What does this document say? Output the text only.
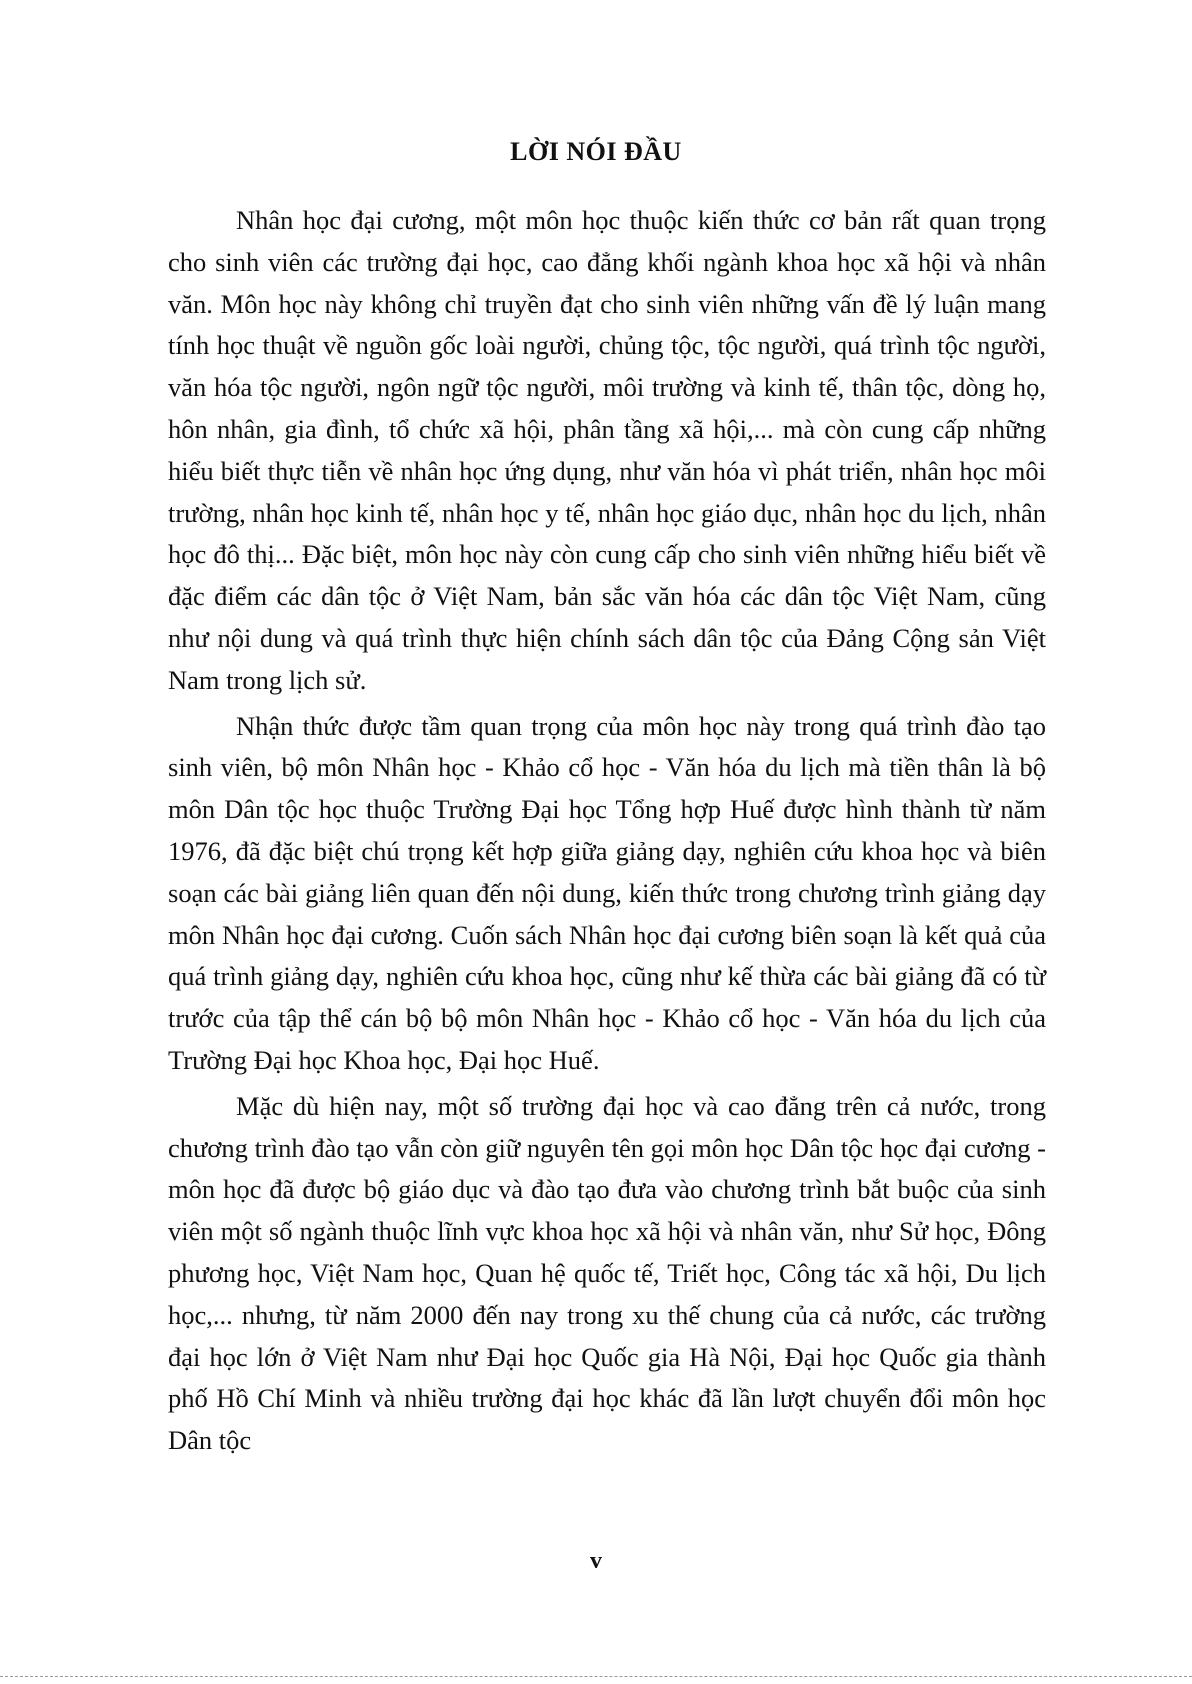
LỜI NÓI ĐẦU

Nhân học đại cương, một môn học thuộc kiến thức cơ bản rất quan trọng cho sinh viên các trường đại học, cao đẳng khối ngành khoa học xã hội và nhân văn. Môn học này không chỉ truyền đạt cho sinh viên những vấn đề lý luận mang tính học thuật về nguồn gốc loài người, chủng tộc, tộc người, quá trình tộc người, văn hóa tộc người, ngôn ngữ tộc người, môi trường và kinh tế, thân tộc, dòng họ, hôn nhân, gia đình, tổ chức xã hội, phân tầng xã hội,... mà còn cung cấp những hiểu biết thực tiễn về nhân học ứng dụng, như văn hóa vì phát triển, nhân học môi trường, nhân học kinh tế, nhân học y tế, nhân học giáo dục, nhân học du lịch, nhân học đô thị... Đặc biệt, môn học này còn cung cấp cho sinh viên những hiểu biết về đặc điểm các dân tộc ở Việt Nam, bản sắc văn hóa các dân tộc Việt Nam, cũng như nội dung và quá trình thực hiện chính sách dân tộc của Đảng Cộng sản Việt Nam trong lịch sử.

Nhận thức được tầm quan trọng của môn học này trong quá trình đào tạo sinh viên, bộ môn Nhân học - Khảo cổ học - Văn hóa du lịch mà tiền thân là bộ môn Dân tộc học thuộc Trường Đại học Tổng hợp Huế được hình thành từ năm 1976, đã đặc biệt chú trọng kết hợp giữa giảng dạy, nghiên cứu khoa học và biên soạn các bài giảng liên quan đến nội dung, kiến thức trong chương trình giảng dạy môn Nhân học đại cương. Cuốn sách Nhân học đại cương biên soạn là kết quả của quá trình giảng dạy, nghiên cứu khoa học, cũng như kế thừa các bài giảng đã có từ trước của tập thể cán bộ bộ môn Nhân học - Khảo cổ học - Văn hóa du lịch của Trường Đại học Khoa học, Đại học Huế.

Mặc dù hiện nay, một số trường đại học và cao đẳng trên cả nước, trong chương trình đào tạo vẫn còn giữ nguyên tên gọi môn học Dân tộc học đại cương - môn học đã được bộ giáo dục và đào tạo đưa vào chương trình bắt buộc của sinh viên một số ngành thuộc lĩnh vực khoa học xã hội và nhân văn, như Sử học, Đông phương học, Việt Nam học, Quan hệ quốc tế, Triết học, Công tác xã hội, Du lịch học,... nhưng, từ năm 2000 đến nay trong xu thế chung của cả nước, các trường đại học lớn ở Việt Nam như Đại học Quốc gia Hà Nội, Đại học Quốc gia thành phố Hồ Chí Minh và nhiều trường đại học khác đã lần lượt chuyển đổi môn học Dân tộc

v
